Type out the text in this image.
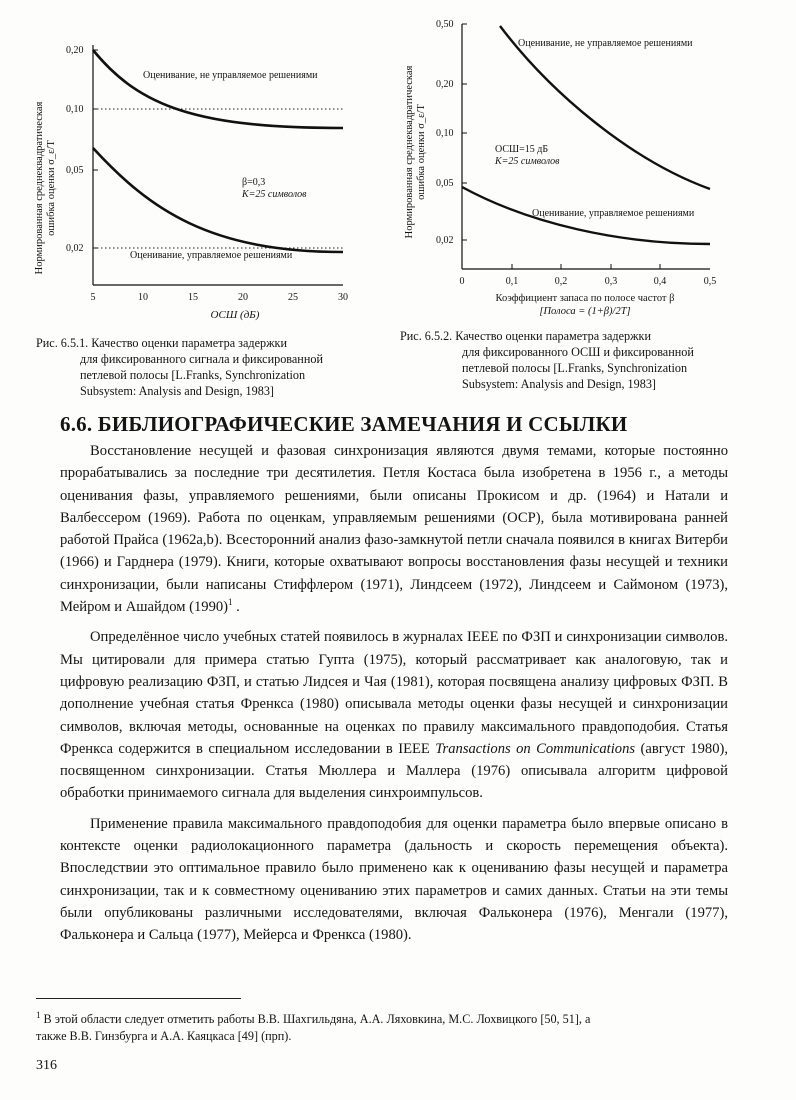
Нормированная среднеквадратическая ошибка оценки σ_ε/T
0,20
0,10
0,05
0,02
5	10	15	20	25	30
ОСШ (дБ)
Оценивание, не управляемое решениями
β=0,3
K=25 символов
Оценивание, управляемое решениями
Нормированная среднеквадратическая ошибка оценки σ_ε/T
0,50
0,20
0,10
0,05
0,02
0	0,1	0,2	0,3	0,4	0,5
Коэффициент запаса по полосе частот β
[Полоса = (1+β)/2T]
Оценивание, не управляемое решениями
ОСШ=15 дБ
K=25 символов
Оценивание, управляемое решениями
Рис. 6.5.1. Качество оценки параметра задержки
для фиксированного сигнала и фиксированной
петлевой полосы [L.Franks, Synchronization
Subsystem: Analysis and Design, 1983]
Рис. 6.5.2. Качество оценки параметра задержки
для фиксированного ОСШ и фиксированной
петлевой полосы [L.Franks, Synchronization
Subsystem: Analysis and Design, 1983]
6.6. БИБЛИОГРАФИЧЕСКИЕ ЗАМЕЧАНИЯ И ССЫЛКИ

Восстановление несущей и фазовая синхронизация являются двумя темами, которые постоянно прорабатывались за последние три десятилетия. Петля Костаса была изобретена в 1956 г., а методы оценивания фазы, управляемого решениями, были описаны Прокисом и др. (1964) и Натали и Валбессером (1969). Работа по оценкам, управляемым решениями (ОСР), была мотивирована ранней работой Прайса (1962a,b). Всесторонний анализ фазо-замкнутой петли сначала появился в книгах Витерби (1966) и Гарднера (1979). Книги, которые охватывают вопросы восстановления фазы несущей и техники синхронизации, были написаны Стиффлером (1971), Линдсеем (1972), Линдсеем и Саймоном (1973), Мейром и Ашайдом $(1990)^1$ .

Определённое число учебных статей появилось в журналах IEEE по ФЗП и синхронизации символов. Мы цитировали для примера статью Гупта (1975), который рассматривает как аналоговую, так и цифровую реализацию ФЗП, и статью Лидсея и Чая (1981), которая посвящена анализу цифровых ФЗП. В дополнение учебная статья Френкса (1980) описывала методы оценки фазы несущей и синхронизации символов, включая методы, основанные на оценках по правилу максимального правдоподобия. Статья Френкса содержится в специальном исследовании в IEEE Transactions on Communications (август 1980), посвященном синхронизации. Статья Мюллера и Маллера (1976) описывала алгоритм цифровой обработки принимаемого сигнала для выделения синхроимпульсов.

Применение правила максимального правдоподобия для оценки параметра было впервые описано в контексте оценки радиолокационного параметра (дальность и скорость перемещения объекта). Впоследствии это оптимальное правило было применено как к оцениванию фазы несущей и параметра синхронизации, так и к совместному оцениванию этих параметров и самих данных. Статьи на эти темы были опубликованы различными исследователями, включая Фальконера (1976), Менгали (1977), Фальконера и Сальца (1977), Мейерса и Френкса (1980).

$^1$ В этой области следует отметить работы В.В. Шахгильдяна, А.А. Ляховкина, М.С. Лохвицкого [50, 51], а
также В.В. Гинзбурга и А.А. Каяцкаса [49] (прп).
316
